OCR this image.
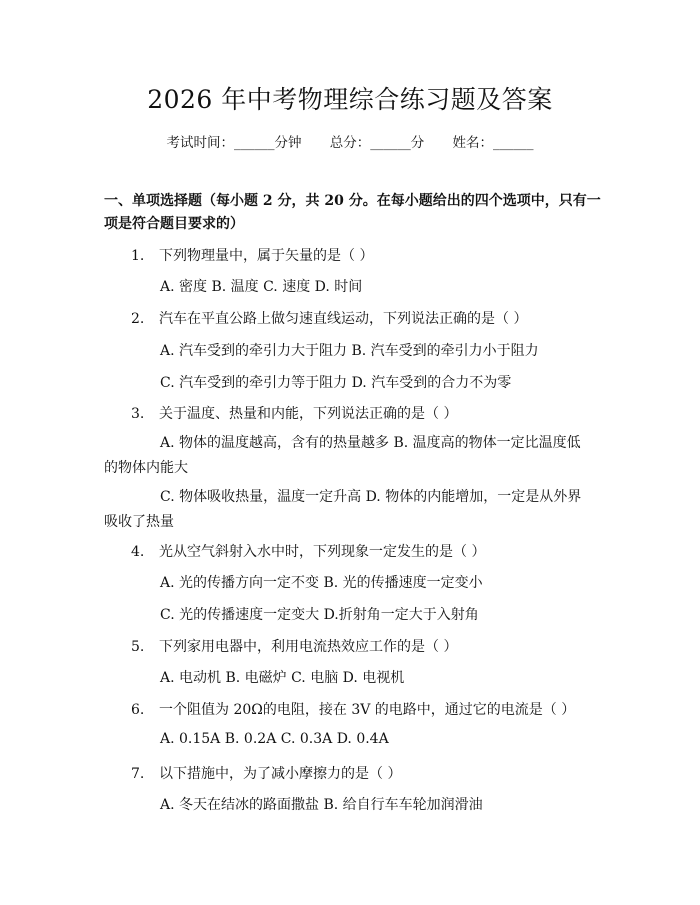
2026 年中考物理综合练习题及答案
考试时间：______分钟 总分：______分 姓名：______
一、单项选择题（每小题 2 分，共 20 分。在每小题给出的四个选项中，只有一项是符合题目要求的）
1. 下列物理量中，属于矢量的是（ ）
A. 密度 B. 温度 C. 速度 D. 时间
2. 汽车在平直公路上做匀速直线运动，下列说法正确的是（ ）
A. 汽车受到的牵引力大于阻力 B. 汽车受到的牵引力小于阻力
C. 汽车受到的牵引力等于阻力 D. 汽车受到的合力不为零
3. 关于温度、热量和内能，下列说法正确的是（ ）
A. 物体的温度越高，含有的热量越多 B. 温度高的物体一定比温度低的物体内能大
C. 物体吸收热量，温度一定升高 D. 物体的内能增加，一定是从外界吸收了热量
4. 光从空气斜射入水中时，下列现象一定发生的是（ ）
A. 光的传播方向一定不变 B. 光的传播速度一定变小
C. 光的传播速度一定变大 D.折射角一定大于入射角
5. 下列家用电器中，利用电流热效应工作的是（ ）
A. 电动机 B. 电磁炉 C. 电脑 D. 电视机
6. 一个阻值为 20Ω的电阻，接在 3V 的电路中，通过它的电流是（ ）
A. 0.15A B. 0.2A C. 0.3A D. 0.4A
7. 以下措施中，为了减小摩擦力的是（ ）
A. 冬天在结冰的路面撒盐 B. 给自行车车轮加润滑油
